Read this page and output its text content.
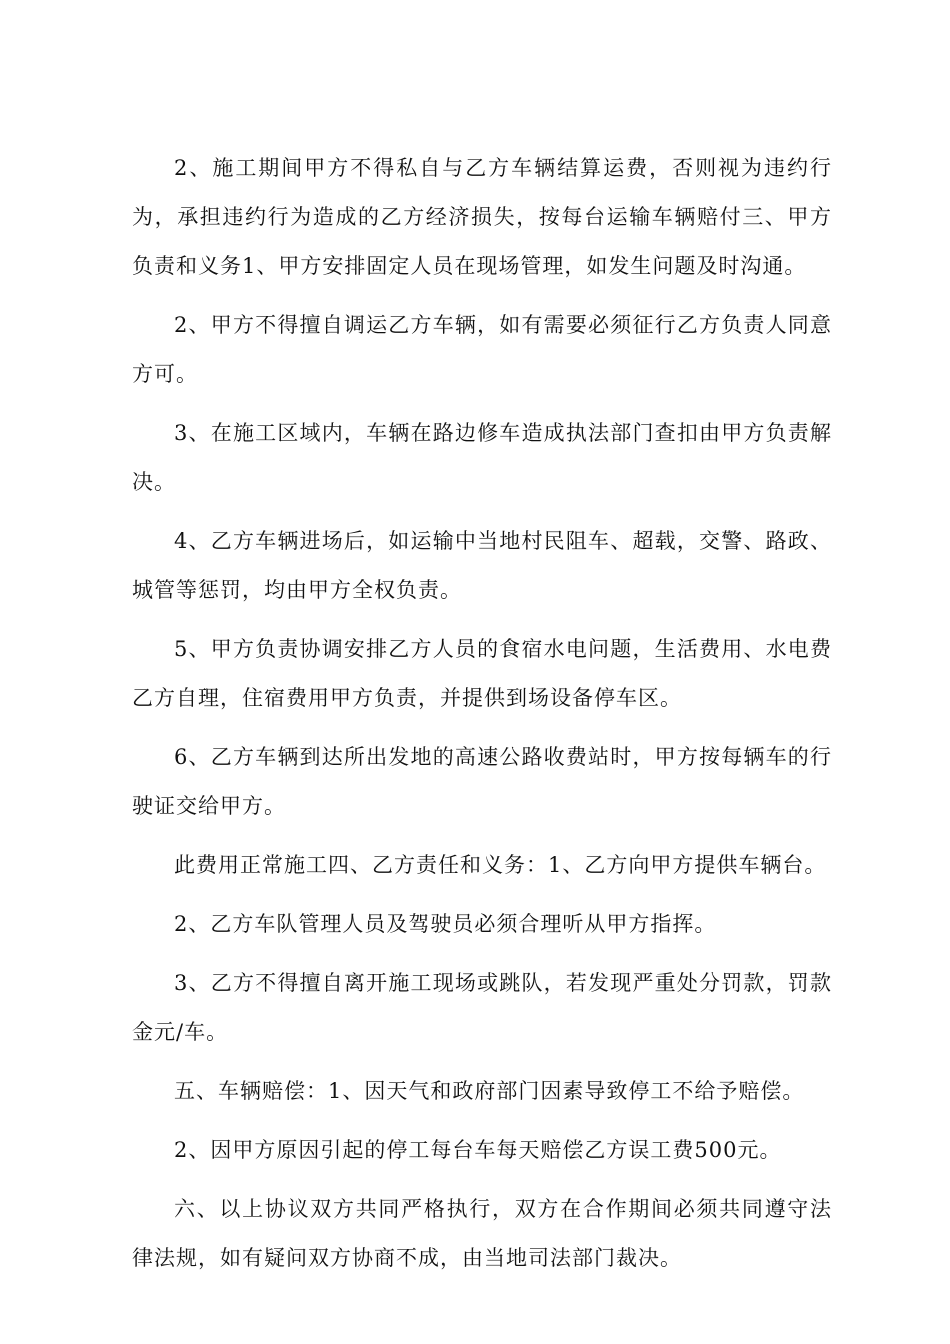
2、施工期间甲方不得私自与乙方车辆结算运费，否则视为违约行为，承担违约行为造成的乙方经济损失，按每台运输车辆赔付三、甲方负责和义务1、甲方安排固定人员在现场管理，如发生问题及时沟通。

2、甲方不得擅自调运乙方车辆，如有需要必须征行乙方负责人同意方可。

3、在施工区域内，车辆在路边修车造成执法部门查扣由甲方负责解决。

4、乙方车辆进场后，如运输中当地村民阻车、超载，交警、路政、城管等惩罚，均由甲方全权负责。

5、甲方负责协调安排乙方人员的食宿水电问题，生活费用、水电费乙方自理，住宿费用甲方负责，并提供到场设备停车区。

6、乙方车辆到达所出发地的高速公路收费站时，甲方按每辆车的行驶证交给甲方。

此费用正常施工四、乙方责任和义务：1、乙方向甲方提供车辆台。

2、乙方车队管理人员及驾驶员必须合理听从甲方指挥。

3、乙方不得擅自离开施工现场或跳队，若发现严重处分罚款，罚款金元/车。

五、车辆赔偿：1、因天气和政府部门因素导致停工不给予赔偿。

2、因甲方原因引起的停工每台车每天赔偿乙方误工费500元。

六、以上协议双方共同严格执行，双方在合作期间必须共同遵守法律法规，如有疑问双方协商不成，由当地司法部门裁决。
